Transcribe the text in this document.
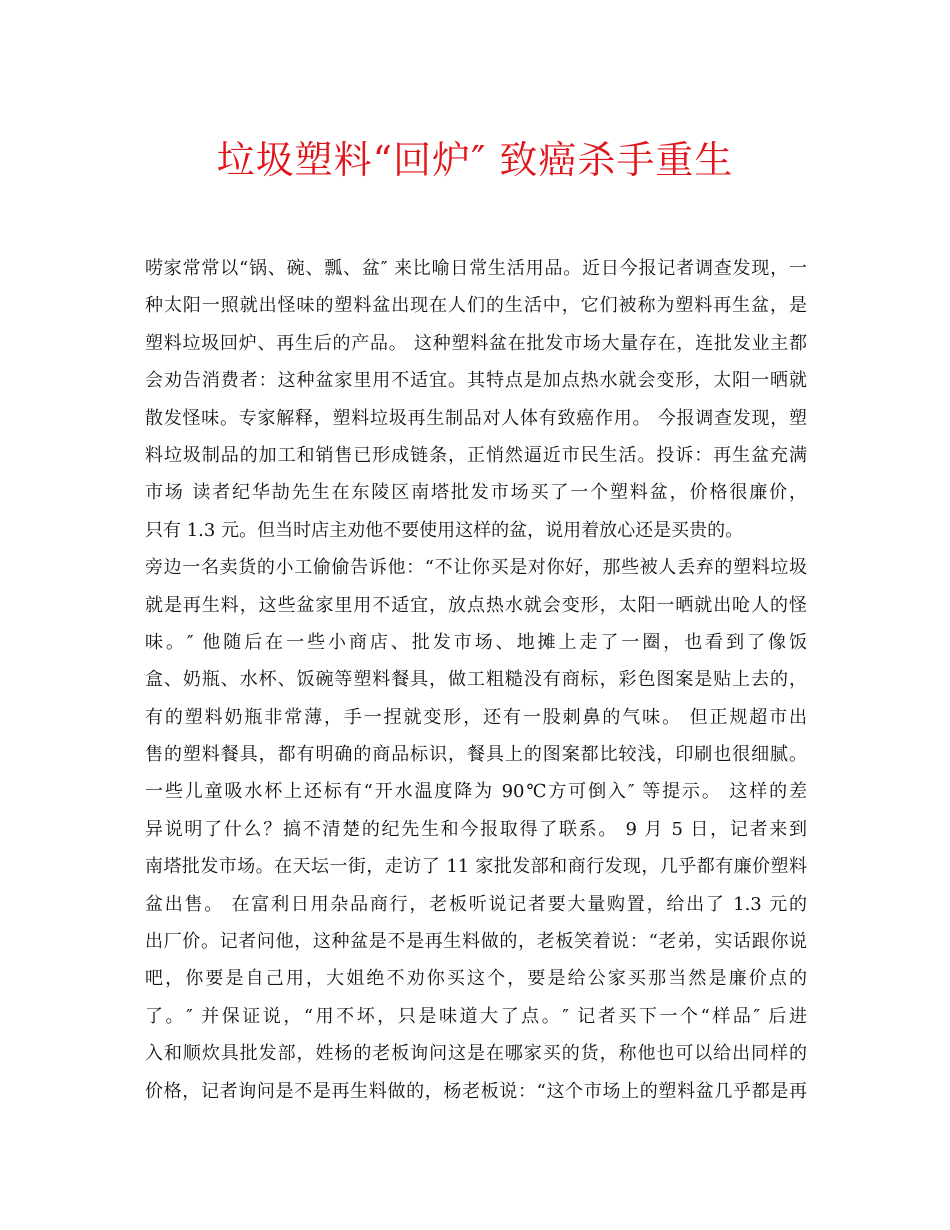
垃圾塑料“回炉″ 致癌杀手重生
唠家常常以“锅、碗、瓢、盆″ 来比喻日常生活用品。近日今报记者调查发现，一
种太阳一照就出怪味的塑料盆出现在人们的生活中，它们被称为塑料再生盆，是
塑料垃圾回炉、再生后的产品。 这种塑料盆在批发市场大量存在，连批发业主都
会劝告消费者：这种盆家里用不适宜。其特点是加点热水就会变形，太阳一晒就
散发怪味。专家解释，塑料垃圾再生制品对人体有致癌作用。 今报调查发现，塑
料垃圾制品的加工和销售已形成链条，正悄然逼近市民生活。投诉：再生盆充满
市场 读者纪华劼先生在东陵区南塔批发市场买了一个塑料盆，价格很廉价，
只有 1.3 元。但当时店主劝他不要使用这样的盆，说用着放心还是买贵的。
旁边一名卖货的小工偷偷告诉他：“不让你买是对你好，那些被人丢弃的塑料垃圾
就是再生料，这些盆家里用不适宜，放点热水就会变形，太阳一晒就出呛人的怪
味。″ 他随后在一些小商店、批发市场、地摊上走了一圈，也看到了像饭
盒、奶瓶、水杯、饭碗等塑料餐具，做工粗糙没有商标，彩色图案是贴上去的，
有的塑料奶瓶非常薄，手一捏就变形，还有一股刺鼻的气味。 但正规超市出
售的塑料餐具，都有明确的商品标识，餐具上的图案都比较浅，印刷也很细腻。
一些儿童吸水杯上还标有“开水温度降为 90℃方可倒入″ 等提示。 这样的差
异说明了什么？搞不清楚的纪先生和今报取得了联系。 9 月 5 日，记者来到
南塔批发市场。在天坛一街，走访了 11 家批发部和商行发现，几乎都有廉价塑料
盆出售。 在富利日用杂品商行，老板听说记者要大量购置，给出了 1.3 元的
出厂价。记者问他，这种盆是不是再生料做的，老板笑着说：“老弟，实话跟你说
吧，你要是自己用，大姐绝不劝你买这个，要是给公家买那当然是廉价点的
了。″ 并保证说，“用不坏，只是味道大了点。″ 记者买下一个“样品″ 后进
入和顺炊具批发部，姓杨的老板询问这是在哪家买的货，称他也可以给出同样的
价格，记者询问是不是再生料做的，杨老板说：“这个市场上的塑料盆几乎都是再
